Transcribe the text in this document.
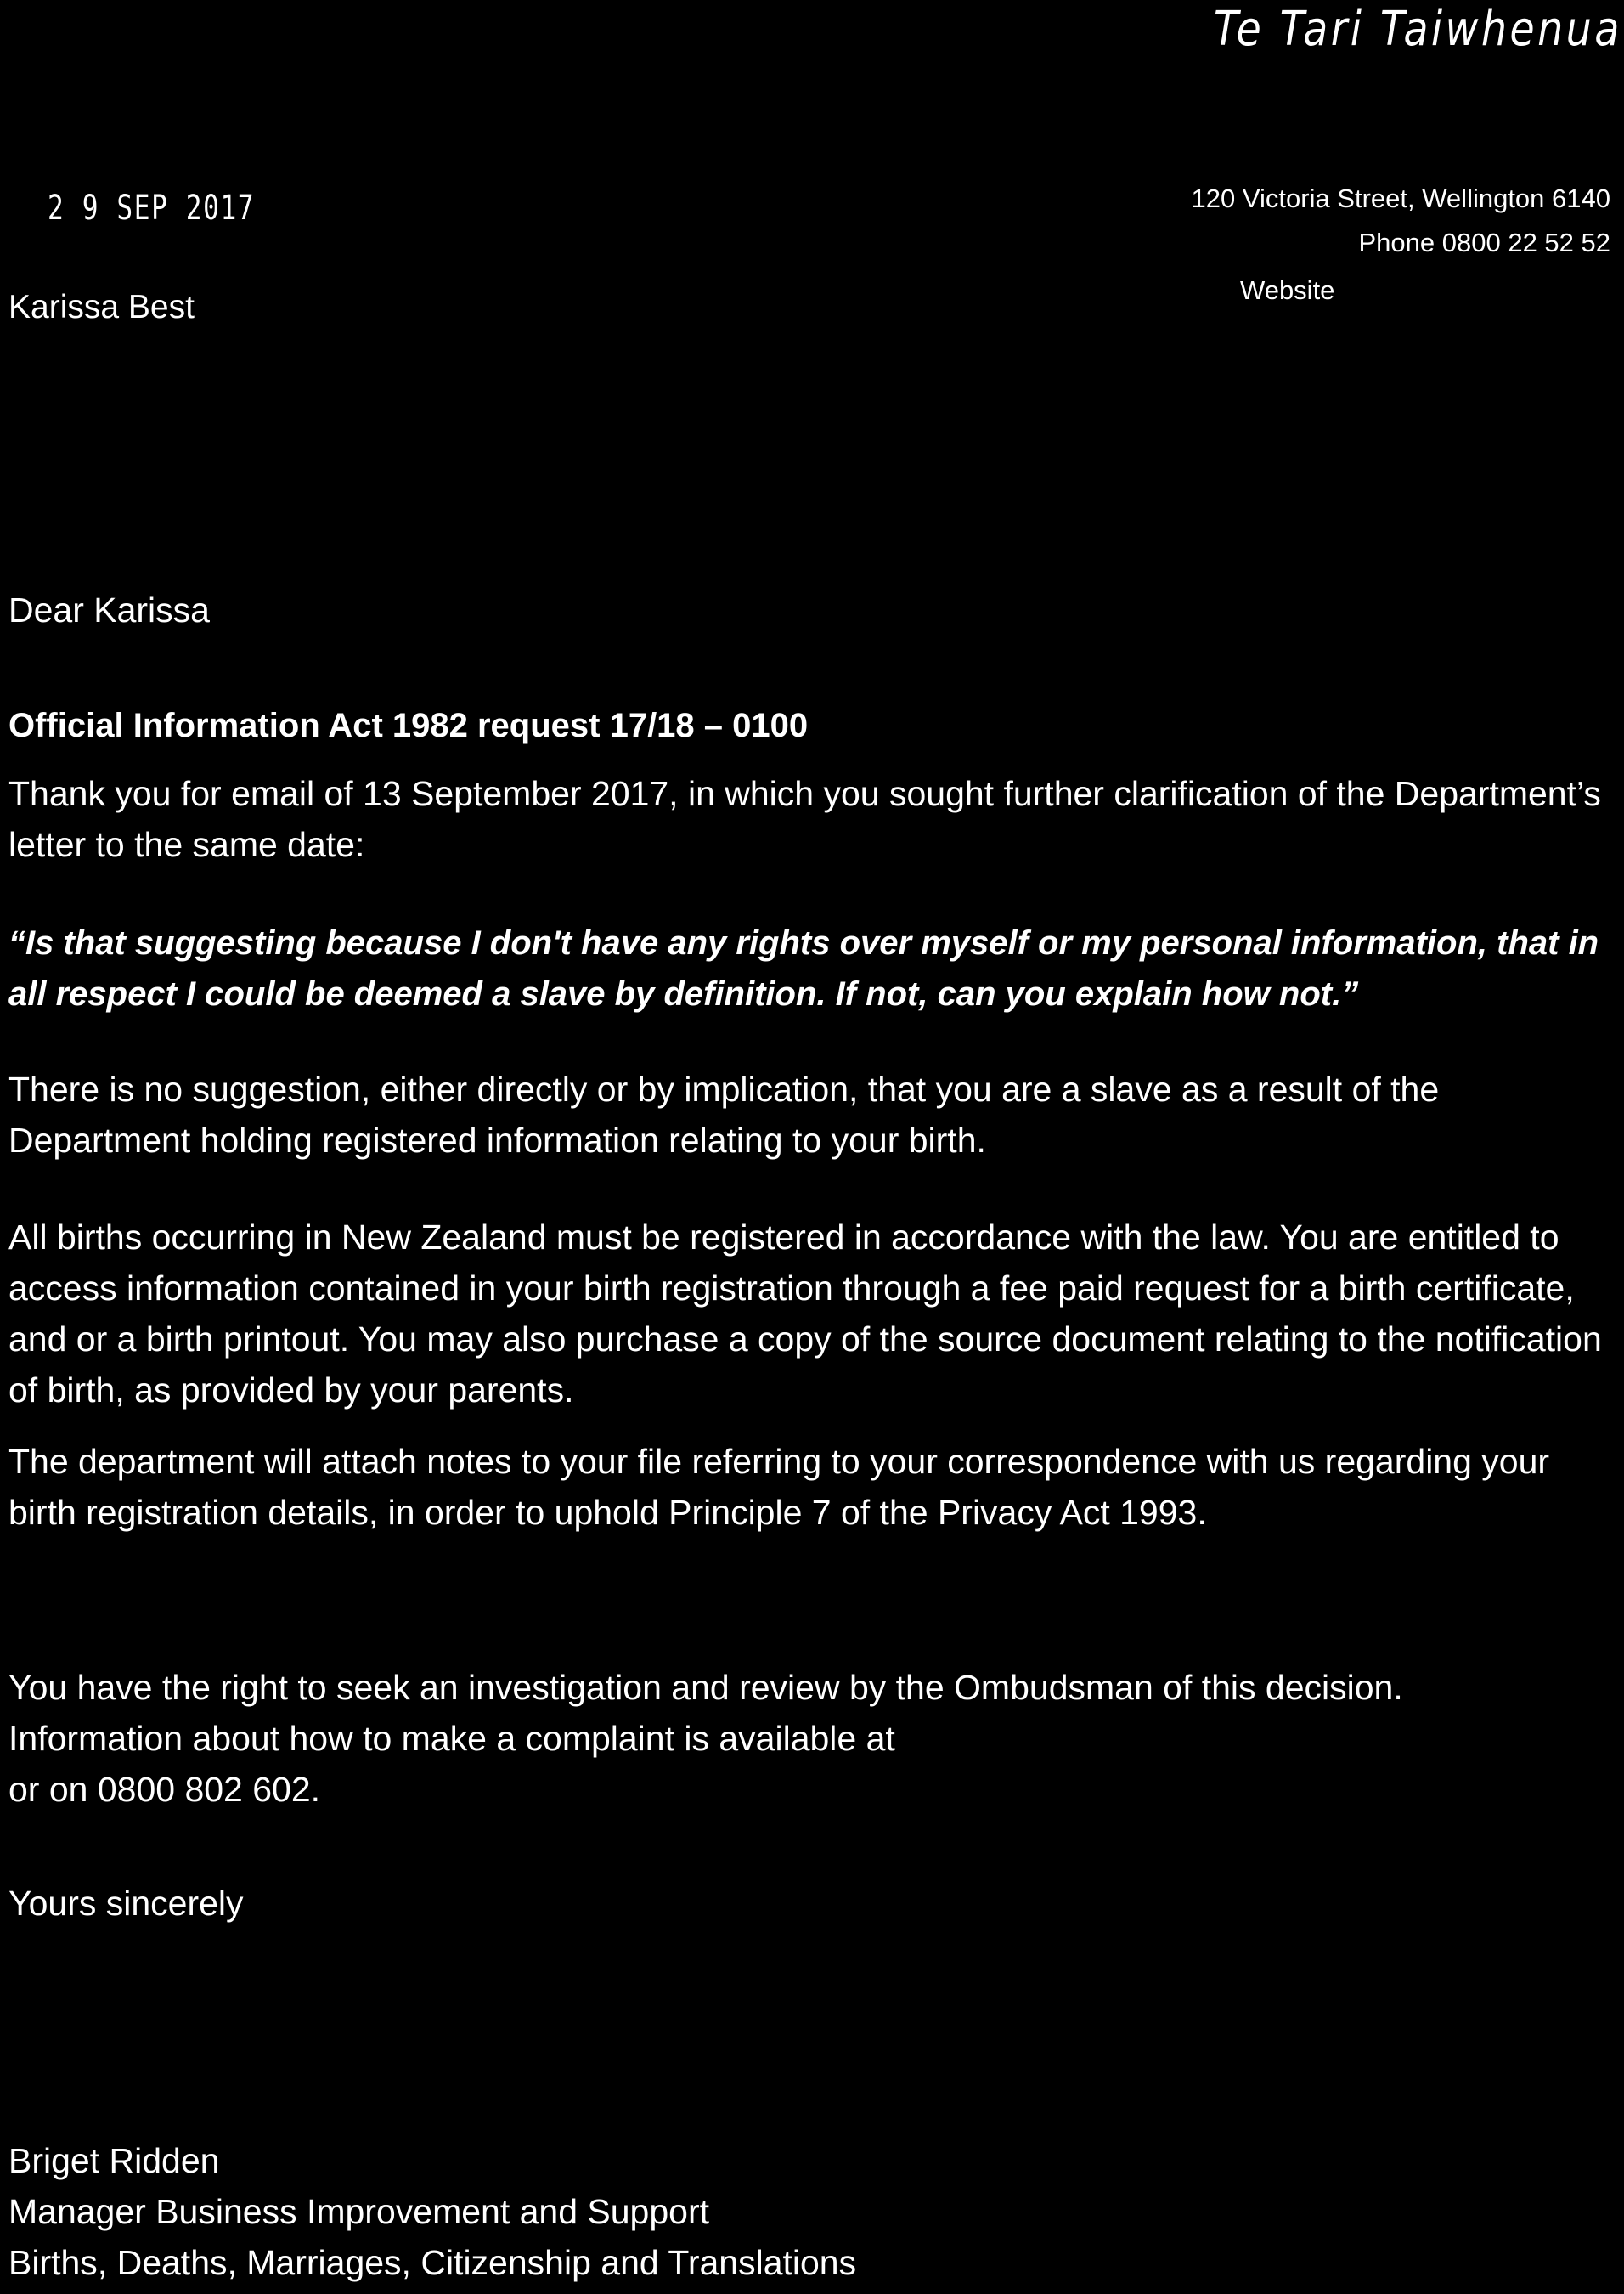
Te Tari Taiwhenua
2 9 SEP 2017
Karissa Best
120 Victoria Street, Wellington 6140
Phone 0800 22 52 52
Website
Dear Karissa
Official Information Act 1982 request 17/18 – 0100
Thank you for email of 13 September 2017, in which you sought further clarification of the Department’s letter to the same date:
“Is that suggesting because I don't have any rights over myself or my personal information, that in all respect I could be deemed a slave by definition. If not, can you explain how not.”
There is no suggestion, either directly or by implication, that you are a slave as a result of the Department holding registered information relating to your birth.
All births occurring in New Zealand must be registered in accordance with the law. You are entitled to access information contained in your birth registration through a fee paid request for a birth certificate, and or a birth printout. You may also purchase a copy of the source document relating to the notification of birth, as provided by your parents.
The department will attach notes to your file referring to your correspondence with us regarding your birth registration details, in order to uphold Principle 7 of the Privacy Act 1993.
You have the right to seek an investigation and review by the Ombudsman of this decision.
Information about how to make a complaint is available at
or on 0800 802 602.
Yours sincerely
Briget Ridden
Manager Business Improvement and Support
Births, Deaths, Marriages, Citizenship and Translations
